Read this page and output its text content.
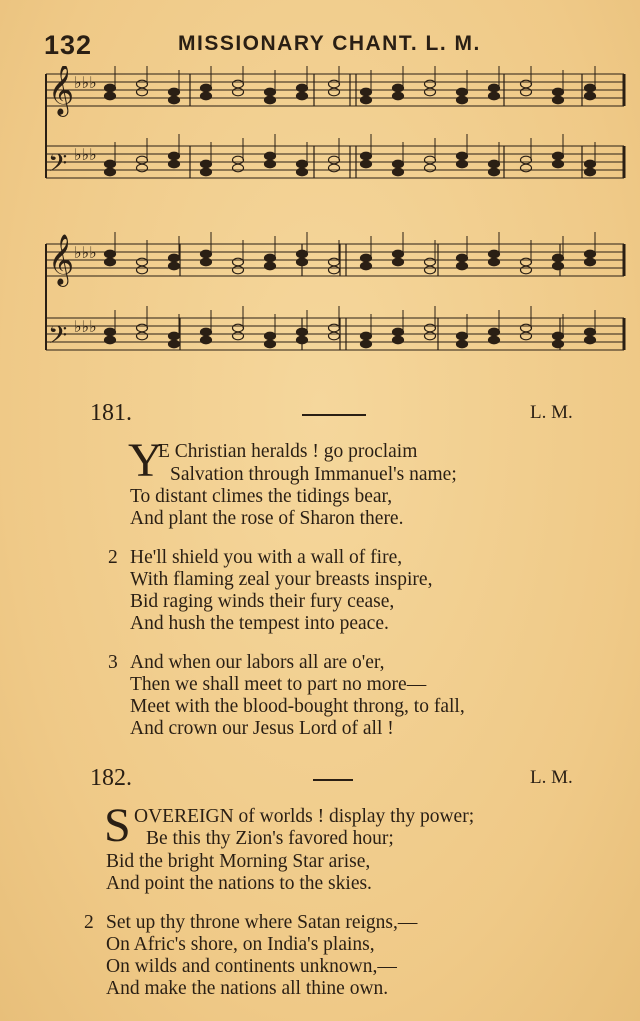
132	MISSIONARY CHANT. L. M.
𝄞 ♭♭♭
𝄢 ♭♭♭
𝄞 ♭♭♭
𝄢 ♭♭♭
181.	L. M.
Y
E Christian heralds ! go proclaim
Salvation through Immanuel's name;
To distant climes the tidings bear,
And plant the rose of Sharon there.
2 He'll shield you with a wall of fire,
With flaming zeal your breasts inspire,
Bid raging winds their fury cease,
And hush the tempest into peace.
3 And when our labors all are o'er,
Then we shall meet to part no more—
Meet with the blood-bought throng, to fall,
And crown our Jesus Lord of all !
182.	L. M.
S OVEREIGN of worlds ! display thy power;
Be this thy Zion's favored hour;
Bid the bright Morning Star arise,
And point the nations to the skies.
2 Set up thy throne where Satan reigns,—
On Afric's shore, on India's plains,
On wilds and continents unknown,—
And make the nations all thine own.
